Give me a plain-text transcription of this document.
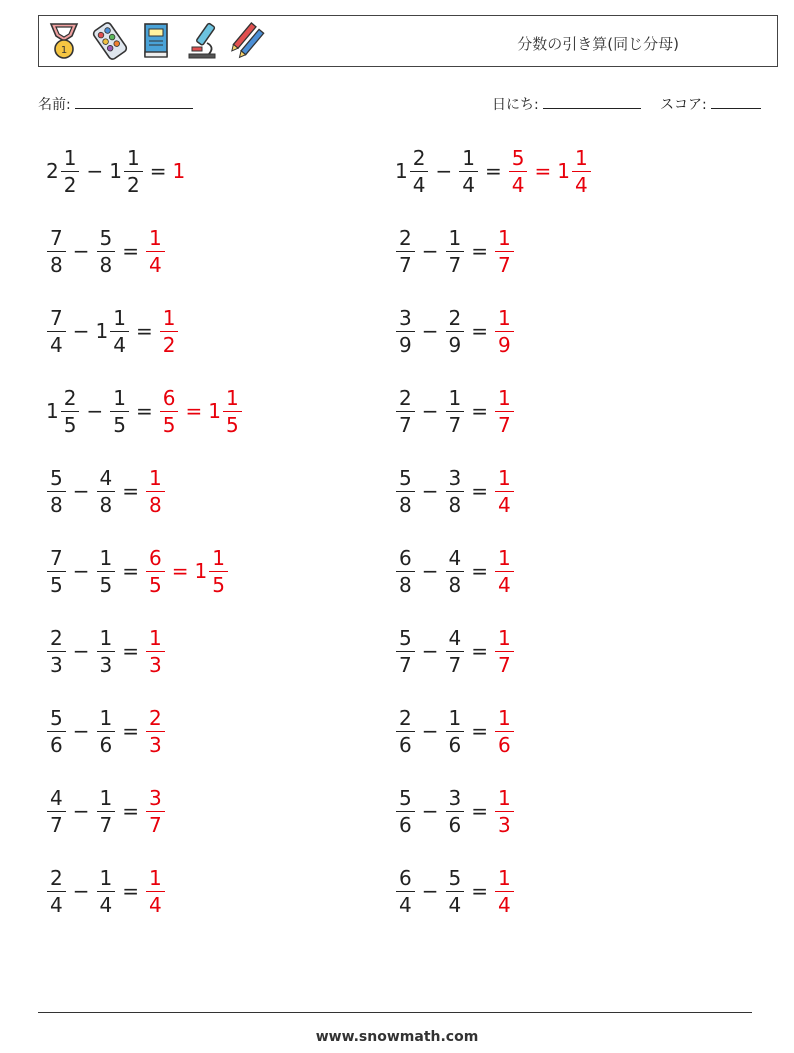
1	分数の引き算(同じ分母)
名前:	日にち:	スコア:
$2 \frac{1}{2} - 1 \frac{1}{2} = 1$	$1 \frac{2}{4} - \frac{1}{4} = \frac{5}{4} = 1 \frac{1}{4}$
$\frac{7}{8} - \frac{5}{8} = \frac{1}{4}$	$\frac{2}{7} - \frac{1}{7} = \frac{1}{7}$
$\frac{7}{4} - 1 \frac{1}{4} = \frac{1}{2}$	$\frac{3}{9} - \frac{2}{9} = \frac{1}{9}$
$1 \frac{2}{5} - \frac{1}{5} = \frac{6}{5} = 1 \frac{1}{5}$	$\frac{2}{7} - \frac{1}{7} = \frac{1}{7}$
$\frac{5}{8} - \frac{4}{8} = \frac{1}{8}$	$\frac{5}{8} - \frac{3}{8} = \frac{1}{4}$
$\frac{7}{5} - \frac{1}{5} = \frac{6}{5} = 1 \frac{1}{5}$	$\frac{6}{8} - \frac{4}{8} = \frac{1}{4}$
$\frac{2}{3} - \frac{1}{3} = \frac{1}{3}$	$\frac{5}{7} - \frac{4}{7} = \frac{1}{7}$
$\frac{5}{6} - \frac{1}{6} = \frac{2}{3}$	$\frac{2}{6} - \frac{1}{6} = \frac{1}{6}$
$\frac{4}{7} - \frac{1}{7} = \frac{3}{7}$	$\frac{5}{6} - \frac{3}{6} = \frac{1}{3}$
$\frac{2}{4} - \frac{1}{4} = \frac{1}{4}$	$\frac{6}{4} - \frac{5}{4} = \frac{1}{4}$
www.snowmath.com
